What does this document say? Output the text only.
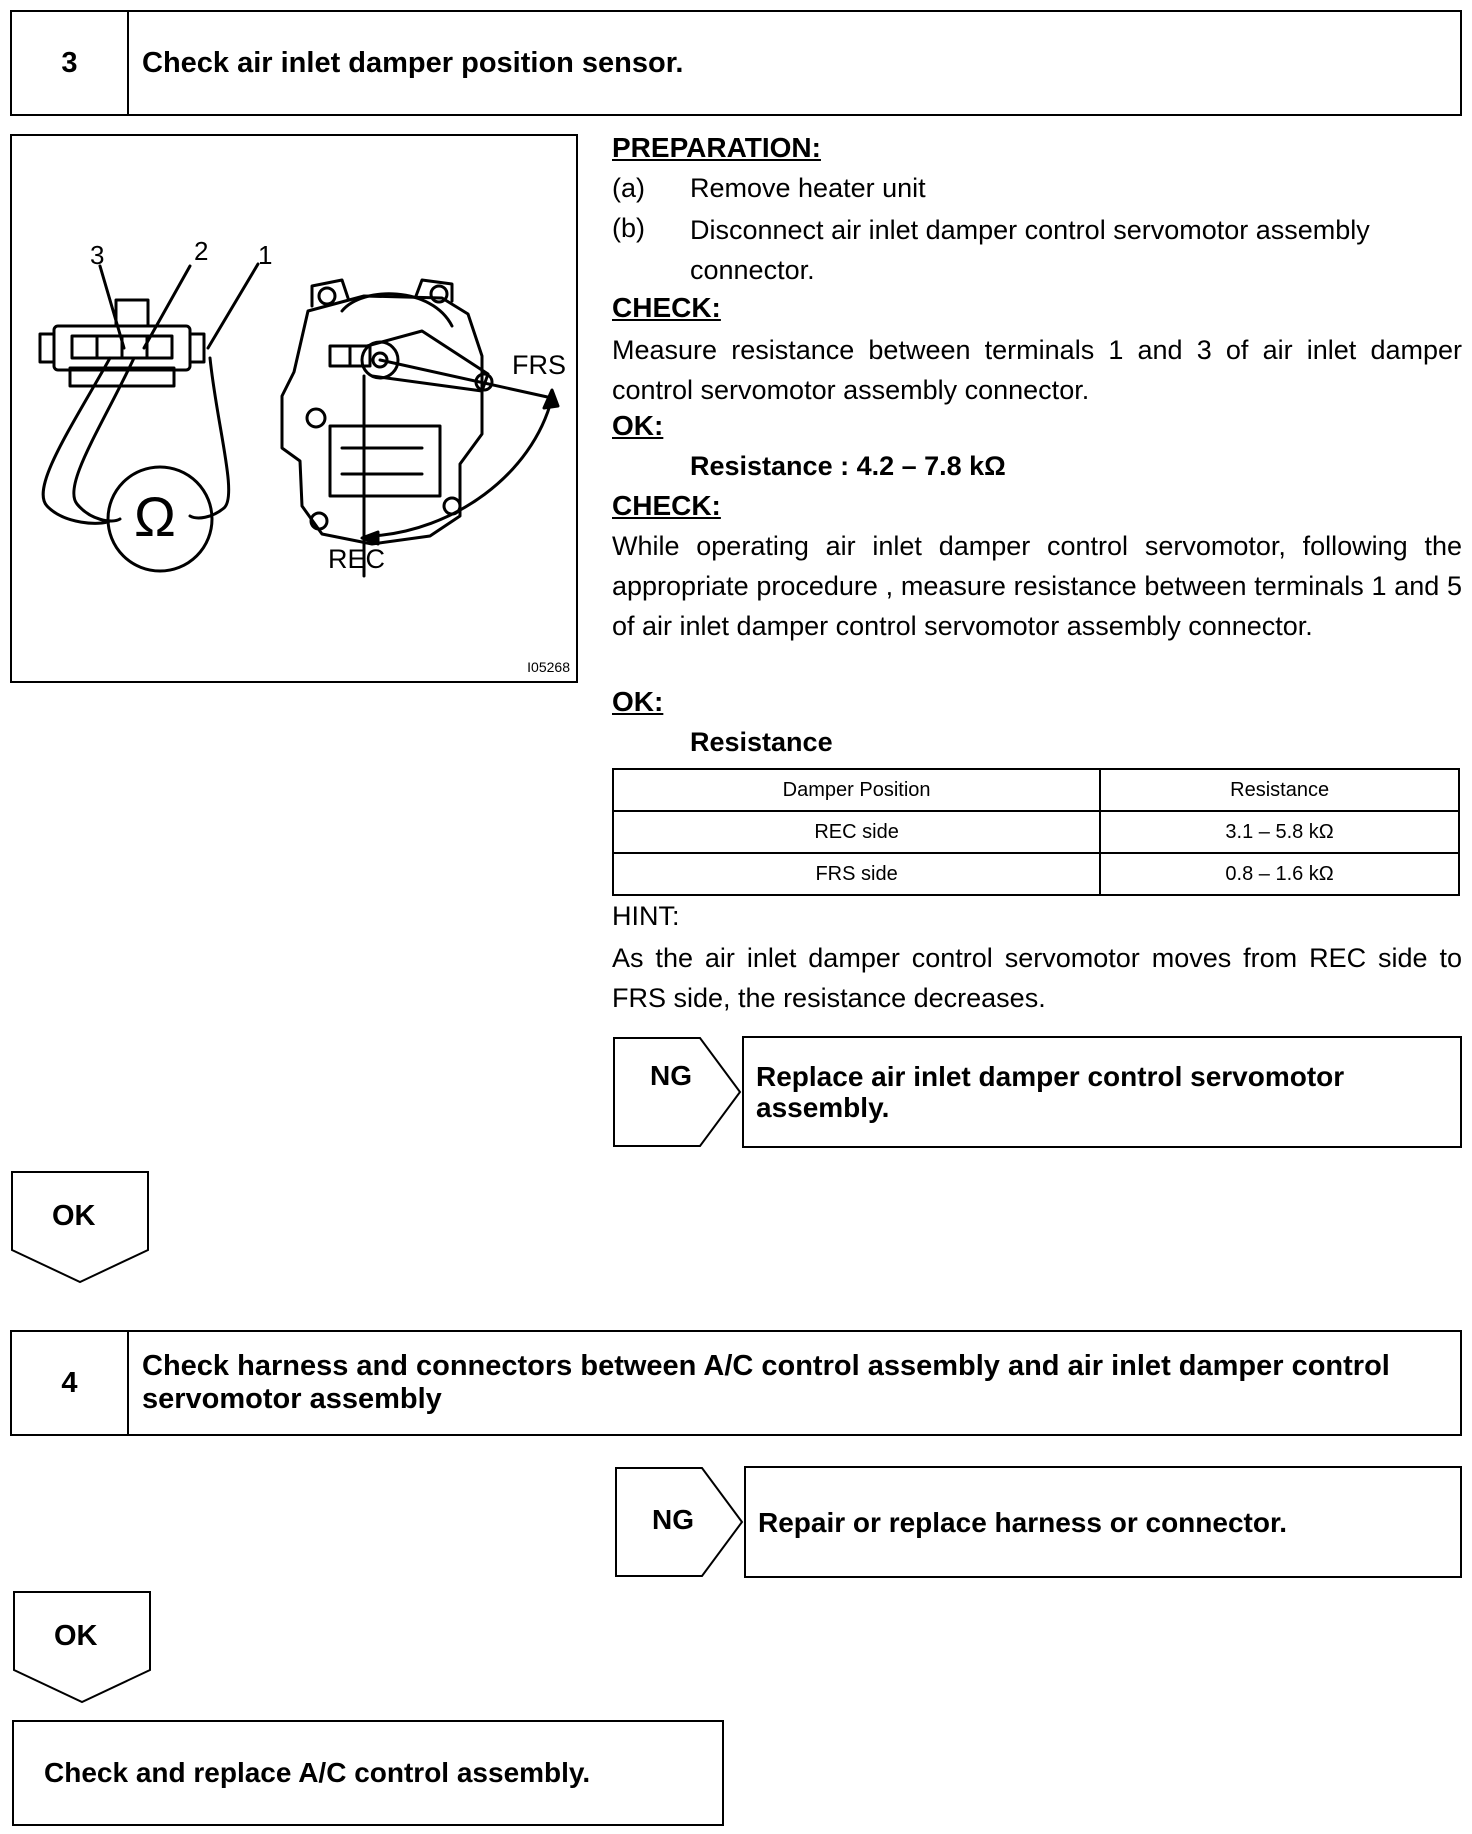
3	Check air inlet damper position sensor.
3	2 1
Ω
FRS
REC
I05268
PREPARATION:
(a) Remove heater unit
(b) Disconnect air inlet damper control servomotor assembly connector.
CHECK:
Measure resistance between terminals 1 and 3 of air inlet damper control servomotor assembly connector.
OK:
Resistance : 4.2 – 7.8 kΩ
CHECK:
While operating air inlet damper control servomotor, following the appropriate procedure , measure resistance between terminals 1 and 5 of air inlet damper control servomotor assembly connector.
OK:
Resistance
Damper Position	Resistance
REC side	3.1 – 5.8 kΩ
FRS side	0.8 – 1.6 kΩ
HINT:
As the air inlet damper control servomotor moves from REC side to FRS side, the resistance decreases.
NG	Replace air inlet damper control servomotor assembly.
OK
4
Check harness and connectors between A/C control assembly and air inlet damper control servomotor assembly
NG	Repair or replace harness or connector.
OK
Check and replace A/C control assembly.
